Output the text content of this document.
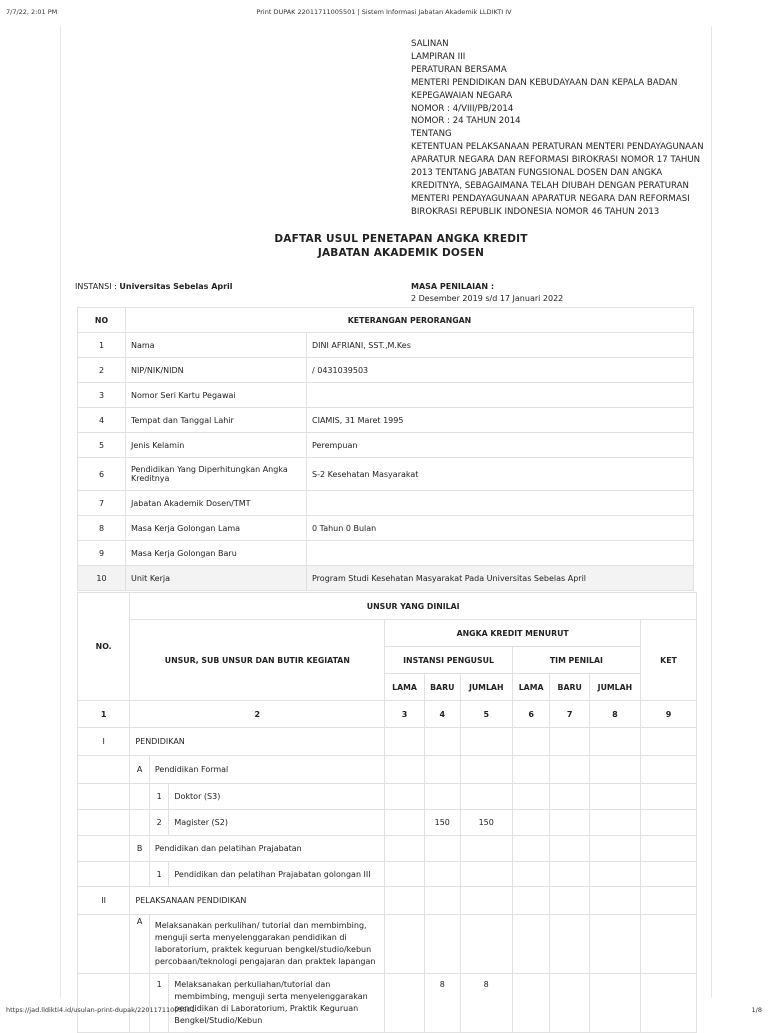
7/7/22, 2:01 PM	Print DUPAK 22011711005501 | Sistem Informasi Jabatan Akademik LLDIKTI IV
SALINAN
LAMPIRAN III
PERATURAN BERSAMA
MENTERI PENDIDIKAN DAN KEBUDAYAAN DAN KEPALA BADAN
KEPEGAWAIAN NEGARA
NOMOR : 4/VIII/PB/2014
NOMOR : 24 TAHUN 2014
TENTANG
KETENTUAN PELAKSANAAN PERATURAN MENTERI PENDAYAGUNAAN APARATUR NEGARA DAN REFORMASI BIROKRASI NOMOR 17 TAHUN 2013 TENTANG JABATAN FUNGSIONAL DOSEN DAN ANGKA KREDITNYA, SEBAGAIMANA TELAH DIUBAH DENGAN PERATURAN MENTERI PENDAYAGUNAAN APARATUR NEGARA DAN REFORMASI BIROKRASI REPUBLIK INDONESIA NOMOR 46 TAHUN 2013
DAFTAR USUL PENETAPAN ANGKA KREDIT
JABATAN AKADEMIK DOSEN
INSTANSI : Universitas Sebelas April	MASA PENILAIAN :
2 Desember 2019 s/d 17 Januari 2022
NO	KETERANGAN PERORANGAN	
1	Nama	DINI AFRIANI, SST.,M.Kes
2	NIP/NIK/NIDN	/ 0431039503
3	Nomor Seri Kartu Pegawai	
4	Tempat dan Tanggal Lahir	CIAMIS, 31 Maret 1995
5	Jenis Kelamin	Perempuan
6	Pendidikan Yang Diperhitungkan Angka Kreditnya	S-2 Kesehatan Masyarakat
7	Jabatan Akademik Dosen/TMT	
8	Masa Kerja Golongan Lama	0 Tahun 0 Bulan
9	Masa Kerja Golongan Baru	
10	Unit Kerja	Program Studi Kesehatan Masyarakat Pada Universitas Sebelas April
NO.	UNSUR YANG DINILAI									
	UNSUR, SUB UNSUR DAN BUTIR KEGIATAN			ANGKA KREDIT MENURUT						KET
				INSTANSI PENGUSUL			TIM PENILAI			
				LAMA	BARU	JUMLAH	LAMA	BARU	JUMLAH	
1	2			3	4	5	6	7	8	9
I	PENDIDIKAN									
	A	Pendidikan Formal								
		1	Doktor (S3)							
		2	Magister (S2)		150	150				
	B	Pendidikan dan pelatihan Prajabatan								
		1	Pendidikan dan pelatihan Prajabatan golongan III							
II	PELAKSANAAN PENDIDIKAN									
	A	Melaksanakan perkulihan/ tutorial dan membimbing, menguji serta menyelenggarakan pendidikan di laboratorium, praktek keguruan bengkel/studio/kebun percobaan/teknologi pengajaran dan praktek lapangan								
		1	Melaksanakan perkuliahan/tutorial dan membimbing, menguji serta menyelenggarakan pendidikan di Laboratorium, Praktik Keguruan Bengkel/Studio/Kebun		8	8				
https://jad.lldikti4.id/usulan-print-dupak/22011711005501	1/8
